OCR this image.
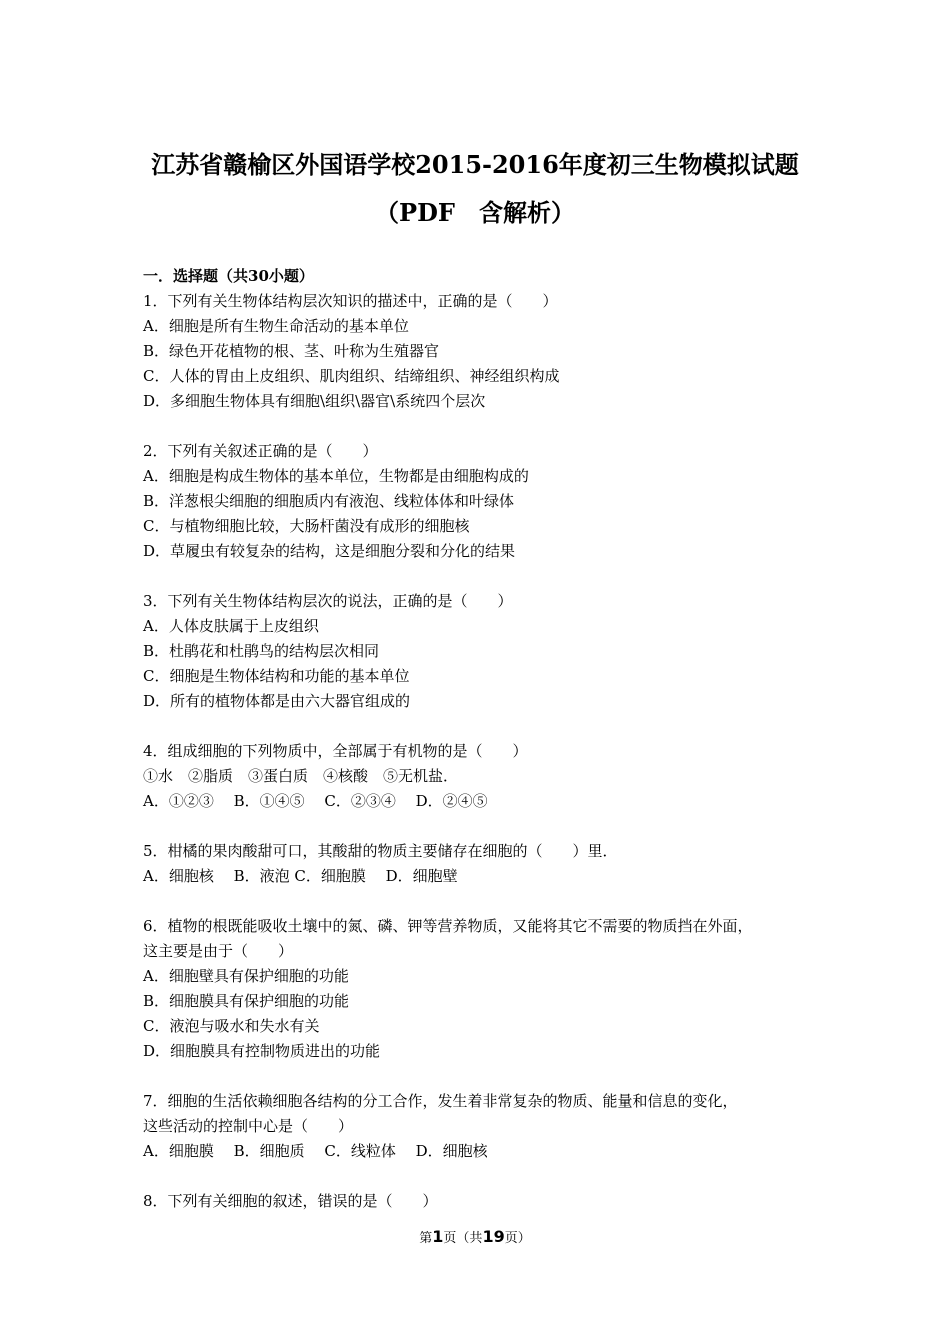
江苏省赣榆区外国语学校2015-2016年度初三生物模拟试题
（PDF　含解析）
一．选择题（共30小题）
1．下列有关生物体结构层次知识的描述中，正确的是（　　）
A．细胞是所有生物生命活动的基本单位
B．绿色开花植物的根、茎、叶称为生殖器官
C．人体的胃由上皮组织、肌肉组织、结缔组织、神经组织构成
D．多细胞生物体具有细胞\组织\器官\系统四个层次
2．下列有关叙述正确的是（　　）
A．细胞是构成生物体的基本单位，生物都是由细胞构成的
B．洋葱根尖细胞的细胞质内有液泡、线粒体体和叶绿体
C．与植物细胞比较，大肠杆菌没有成形的细胞核
D．草履虫有较复杂的结构，这是细胞分裂和分化的结果
3．下列有关生物体结构层次的说法，正确的是（　　）
A．人体皮肤属于上皮组织
B．杜鹃花和杜鹃鸟的结构层次相同
C．细胞是生物体结构和功能的基本单位
D．所有的植物体都是由六大器官组成的
4．组成细胞的下列物质中，全部属于有机物的是（　　）
①水　②脂质　③蛋白质　④核酸　⑤无机盐．
A．①②③　 B．①④⑤　 C．②③④　 D．②④⑤
5．柑橘的果肉酸甜可口，其酸甜的物质主要储存在细胞的（　　）里．
A．细胞核　 B．液泡 C．细胞膜　 D．细胞壁
6．植物的根既能吸收土壤中的氮、磷、钾等营养物质，又能将其它不需要的物质挡在外面，
这主要是由于（　　）
A．细胞壁具有保护细胞的功能
B．细胞膜具有保护细胞的功能
C．液泡与吸水和失水有关
D．细胞膜具有控制物质进出的功能
7．细胞的生活依赖细胞各结构的分工合作，发生着非常复杂的物质、能量和信息的变化，
这些活动的控制中心是（　　）
A．细胞膜　 B．细胞质　 C．线粒体　 D．细胞核
8．下列有关细胞的叙述，错误的是（　　）
第1页（共19页）
